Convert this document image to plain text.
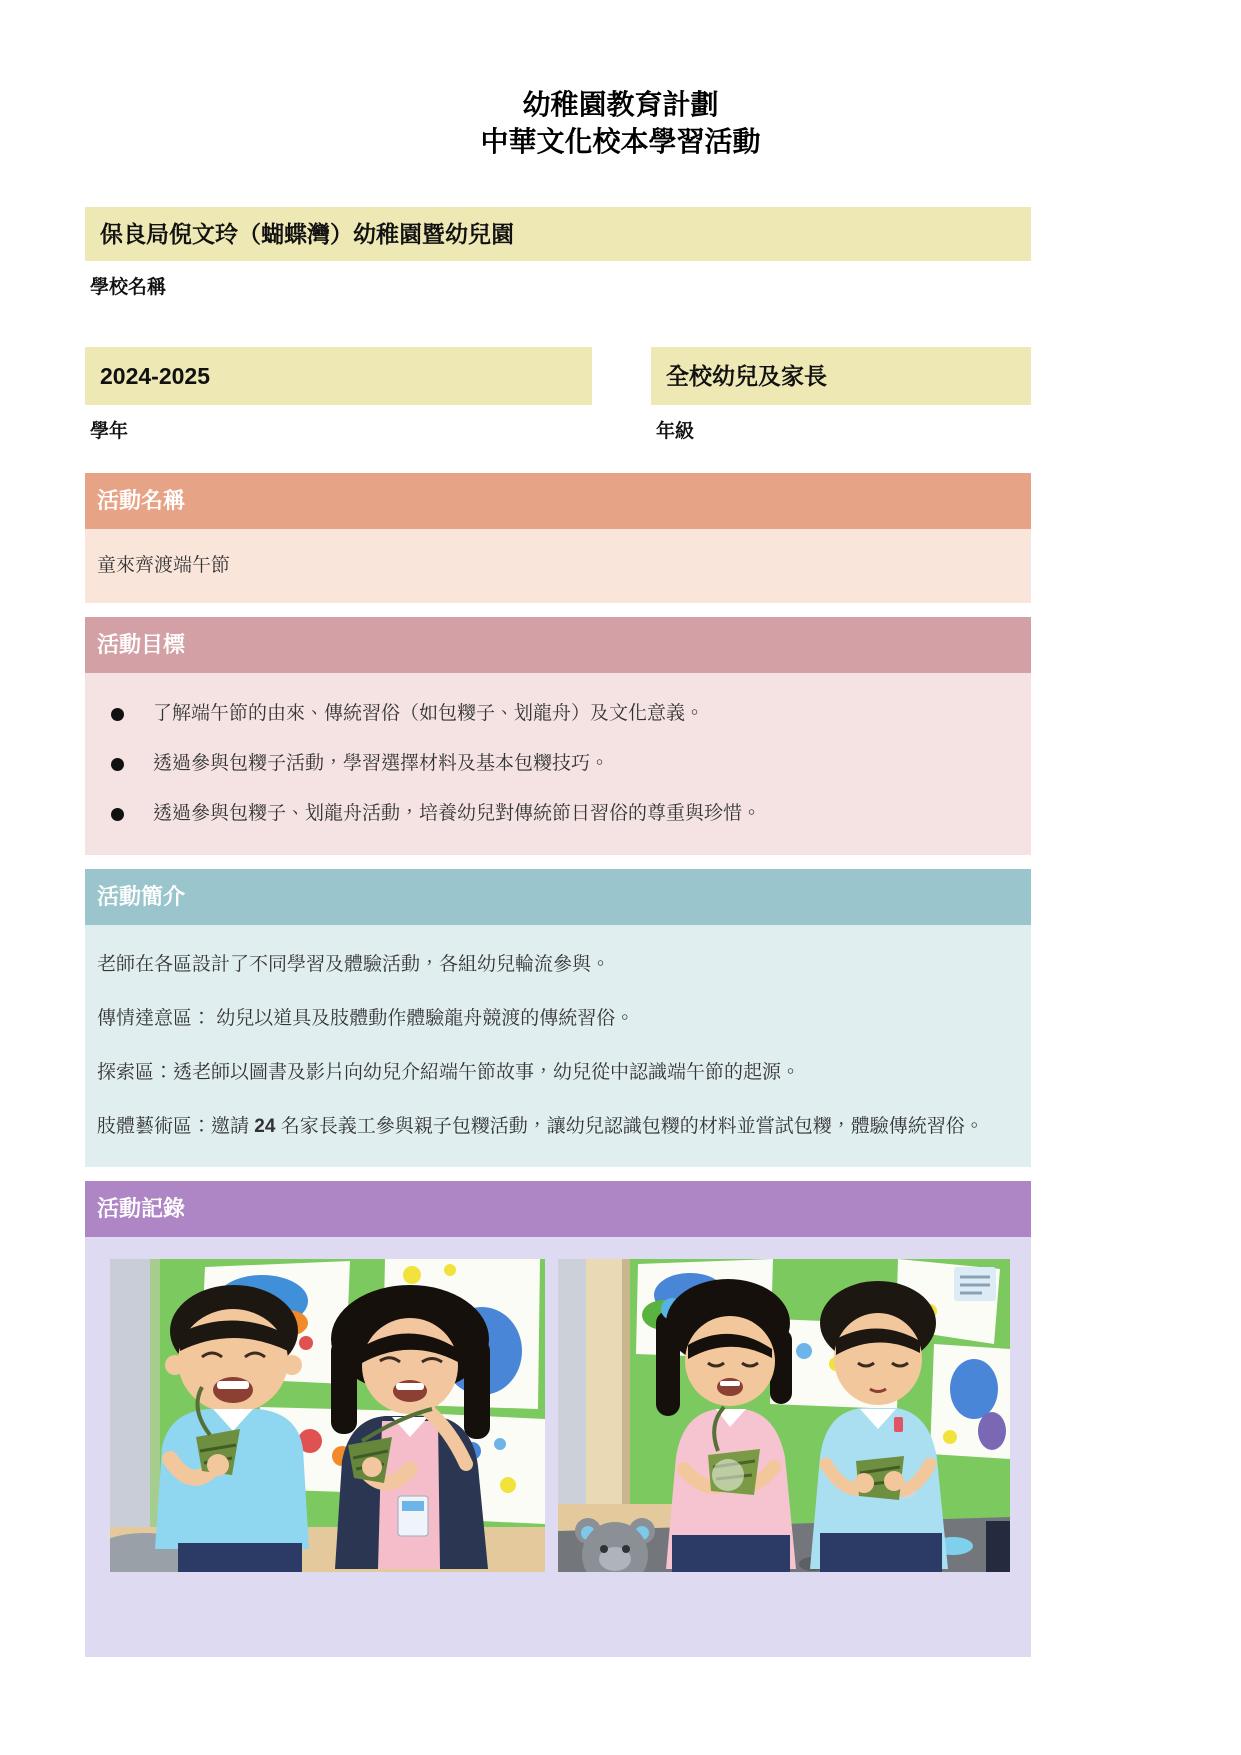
幼稚園教育計劃
中華文化校本學習活動
保良局倪文玲（蝴蝶灣）幼稚園暨幼兒園
學校名稱
2024-2025
學年
全校幼兒及家長
年級
活動名稱
童來齊渡端午節
活動目標
了解端午節的由來、傳統習俗（如包糭子、划龍舟）及文化意義。
透過參與包糭子活動，學習選擇材料及基本包糭技巧。
透過參與包糭子、划龍舟活動，培養幼兒對傳統節日習俗的尊重與珍惜。
活動簡介

老師在各區設計了不同學習及體驗活動，各組幼兒輪流參與。

傳情達意區： 幼兒以道具及肢體動作體驗龍舟競渡的傳統習俗。

探索區：透老師以圖書及影片向幼兒介紹端午節故事，幼兒從中認識端午節的起源。

肢體藝術區：邀請 24 名家長義工參與親子包糭活動，讓幼兒認識包糭的材料並嘗試包糭，體驗傳統習俗。

活動記錄
